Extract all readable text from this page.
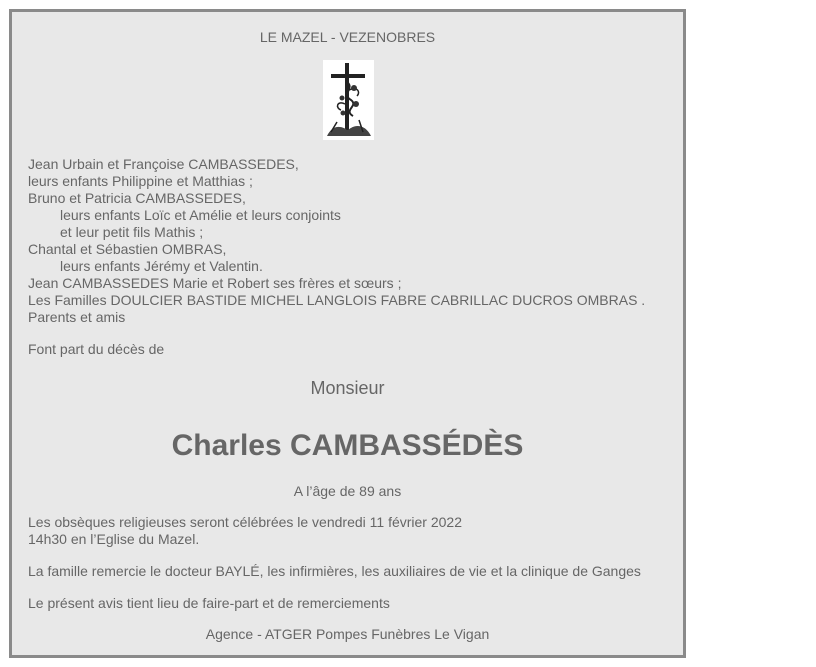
LE MAZEL - VEZENOBRES
Jean Urbain et Françoise CAMBASSEDES,
leurs enfants Philippine et Matthias ;
Bruno et Patricia CAMBASSEDES,
leurs enfants Loïc et Amélie et leurs conjoints
et leur petit fils Mathis ;
Chantal et Sébastien OMBRAS,
leurs enfants Jérémy et Valentin.
Jean CAMBASSEDES Marie et Robert ses frères et sœurs ;
Les Familles DOULCIER BASTIDE MICHEL LANGLOIS FABRE CABRILLAC DUCROS OMBRAS .
Parents et amis
Font part du décès de
Monsieur
Charles CAMBASSÉDÈS
A l’âge de 89 ans
Les obsèques religieuses seront célébrées le vendredi 11 février 2022
14h30 en l’Eglise du Mazel.
La famille remercie le docteur BAYLÉ, les infirmières, les auxiliaires de vie et la clinique de Ganges
Le présent avis tient lieu de faire-part et de remerciements
Agence - ATGER Pompes Funèbres Le Vigan
